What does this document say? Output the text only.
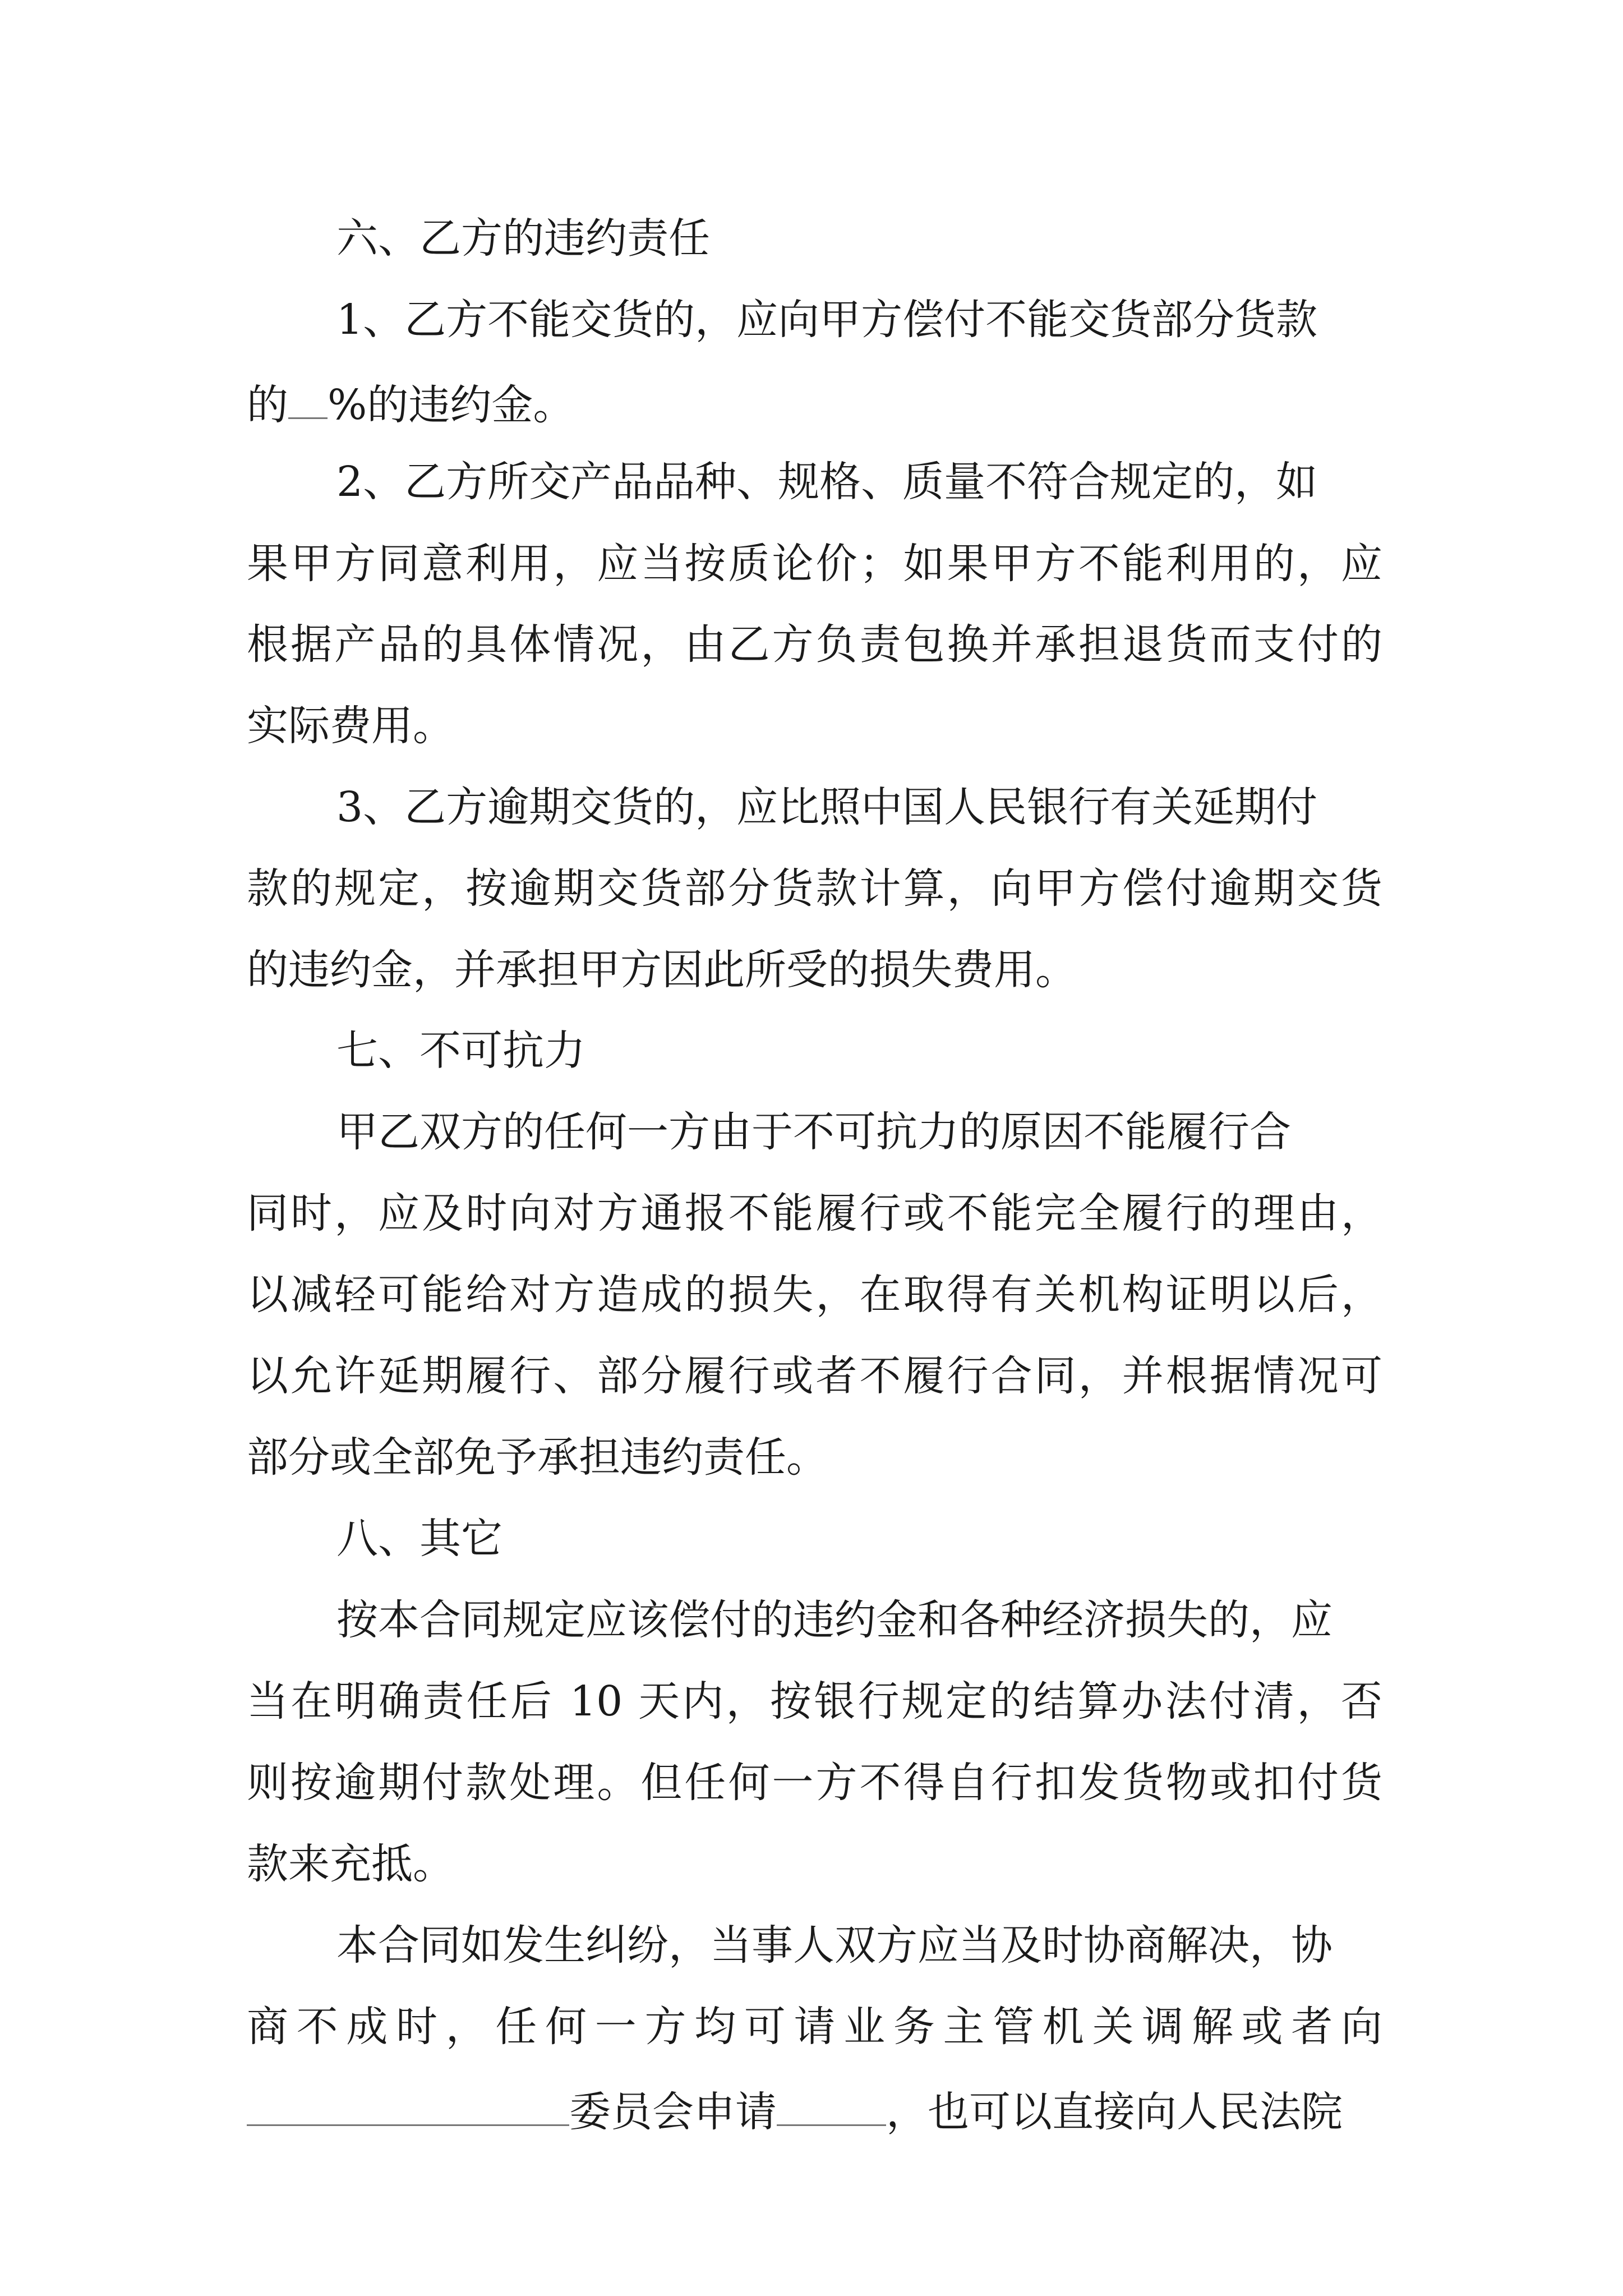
六、乙方的违约责任
1、乙方不能交货的，应向甲方偿付不能交货部分货款
的 %的违约金。
2、乙方所交产品品种、规格、质量不符合规定的，如
果甲方同意利用，应当按质论价；如果甲方不能利用的，应
根据产品的具体情况，由乙方负责包换并承担退货而支付的
实际费用。
3、乙方逾期交货的，应比照中国人民银行有关延期付
款的规定，按逾期交货部分货款计算，向甲方偿付逾期交货
的违约金，并承担甲方因此所受的损失费用。
七、不可抗力
甲乙双方的任何一方由于不可抗力的原因不能履行合
同时，应及时向对方通报不能履行或不能完全履行的理由，
以减轻可能给对方造成的损失，在取得有关机构证明以后，
以允许延期履行、部分履行或者不履行合同，并根据情况可
部分或全部免予承担违约责任。
八、其它
按本合同规定应该偿付的违约金和各种经济损失的，应
当在明确责任后 10 天内，按银行规定的结算办法付清，否
则按逾期付款处理。但任何一方不得自行扣发货物或扣付货
款来充抵。
本合同如发生纠纷，当事人双方应当及时协商解决，协
商不成时，任何一方均可请业务主管机关调解或者向
委员会申请	，也可以直接向人民法院
